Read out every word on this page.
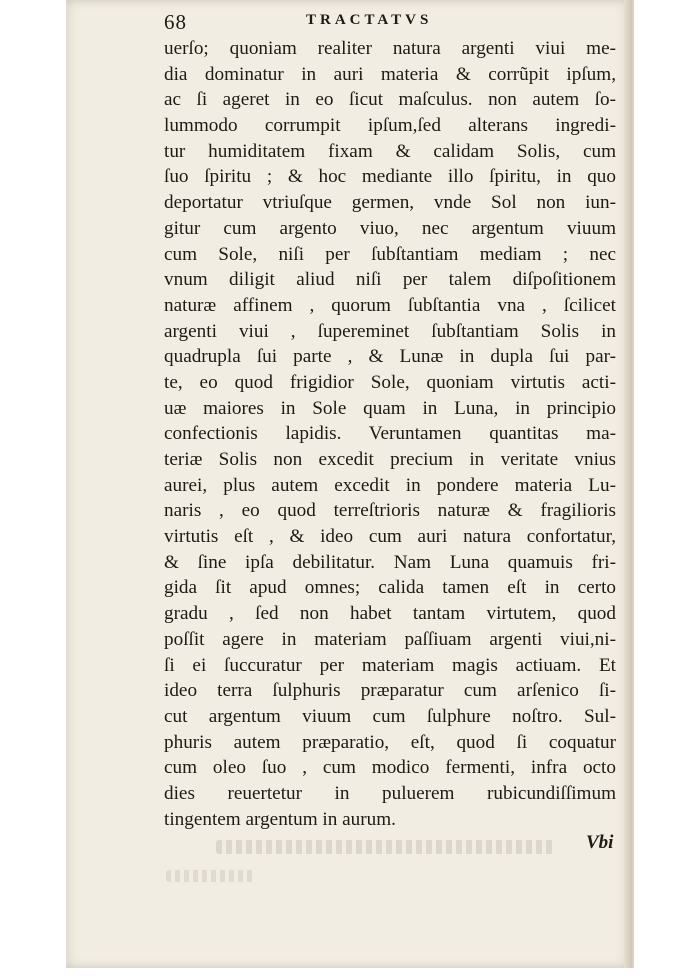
68	TRACTATVS
uerſo; quoniam realiter natura argenti viui me-
dia dominatur in auri materia & corrũpit ipſum,
ac ſi ageret in eo ſicut maſculus. non autem ſo-
lummodo corrumpit ipſum,ſed alterans ingredi-
tur humiditatem fixam & calidam Solis, cum
ſuo ſpiritu ; & hoc mediante illo ſpiritu, in quo
deportatur vtriuſque germen, vnde Sol non iun-
gitur cum argento viuo, nec argentum viuum
cum Sole, niſi per ſubſtantiam mediam ; nec
vnum diligit aliud niſi per talem diſpoſitionem
naturæ affinem , quorum ſubſtantia vna , ſcilicet
argenti viui , ſupereminet ſubſtantiam Solis in
quadrupla ſui parte , & Lunæ in dupla ſui par-
te, eo quod frigidior Sole, quoniam virtutis acti-
uæ maiores in Sole quam in Luna, in principio
confectionis lapidis. Veruntamen quantitas ma-
teriæ Solis non excedit precium in veritate vnius
aurei, plus autem excedit in pondere materia Lu-
naris , eo quod terreſtrioris naturæ & fragilioris
virtutis eſt , & ideo cum auri natura confortatur,
& ſine ipſa debilitatur. Nam Luna quamuis fri-
gida ſit apud omnes; calida tamen eſt in certo
gradu , ſed non habet tantam virtutem, quod
poſſit agere in materiam paſſiuam argenti viui,ni-
ſi ei ſuccuratur per materiam magis actiuam. Et
ideo terra ſulphuris præparatur cum arſenico ſi-
cut argentum viuum cum ſulphure noſtro. Sul-
phuris autem præparatio, eſt, quod ſi coquatur
cum oleo ſuo , cum modico fermenti, infra octo
dies reuertetur in puluerem rubicundiſſimum
tingentem argentum in aurum.
Vbi
